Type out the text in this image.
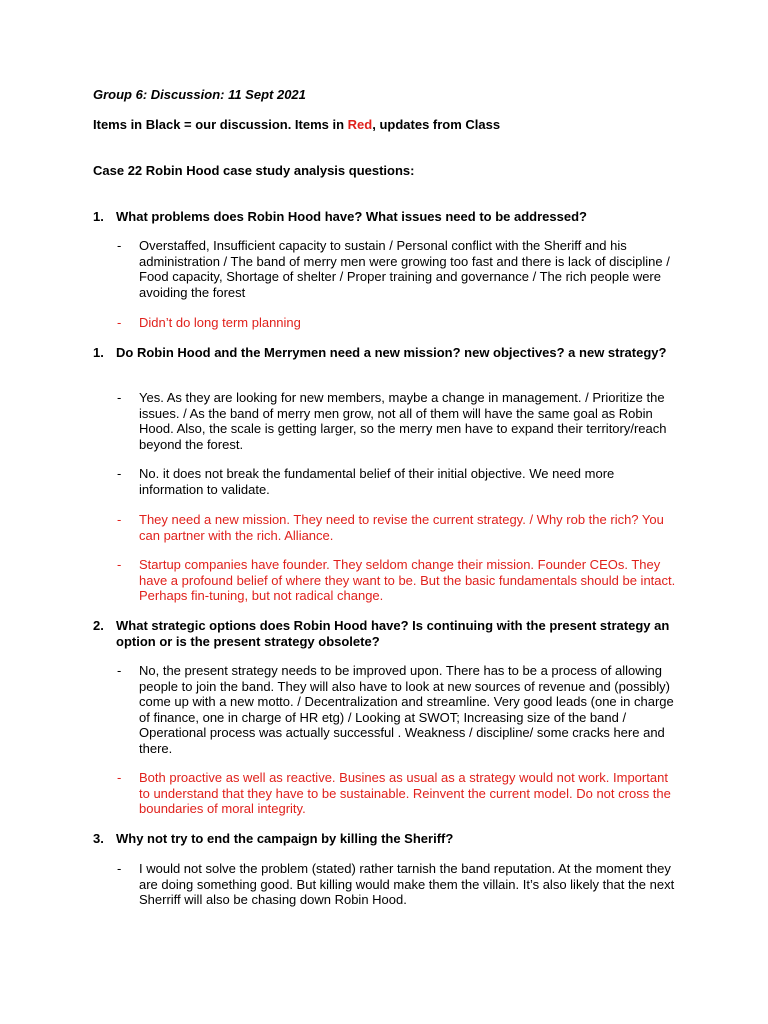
Group 6: Discussion: 11 Sept 2021

Items in Black = our discussion. Items in Red, updates from Class

Case 22 Robin Hood case study analysis questions:

1. What problems does Robin Hood have? What issues need to be addressed?
-	Overstaffed, Insufficient capacity to sustain / Personal conflict with the Sheriff and his administration / The band of merry men were growing too fast and there is lack of discipline / Food capacity, Shortage of shelter / Proper training and governance / The rich people were avoiding the forest
-	Didn’t do long term planning
1. Do Robin Hood and the Merrymen need a new mission? new objectives? a new strategy?
-	Yes. As they are looking for new members, maybe a change in management. / Prioritize the issues. / As the band of merry men grow, not all of them will have the same goal as Robin Hood. Also, the scale is getting larger, so the merry men have to expand their territory/reach beyond the forest.
-	No. it does not break the fundamental belief of their initial objective. We need more information to validate.
-	They need a new mission. They need to revise the current strategy. / Why rob the rich? You can partner with the rich. Alliance.
-	Startup companies have founder. They seldom change their mission. Founder CEOs. They have a profound belief of where they want to be. But the basic fundamentals should be intact. Perhaps fin-tuning, but not radical change.
2. What strategic options does Robin Hood have? Is continuing with the present strategy an option or is the present strategy obsolete?
-	No, the present strategy needs to be improved upon. There has to be a process of allowing people to join the band. They will also have to look at new sources of revenue and (possibly) come up with a new motto. / Decentralization and streamline. Very good leads (one in charge of finance, one in charge of HR etg) / Looking at SWOT; Increasing size of the band / Operational process was actually successful . Weakness / discipline/ some cracks here and there.
-	Both proactive as well as reactive. Busines as usual as a strategy would not work. Important to understand that they have to be sustainable. Reinvent the current model. Do not cross the boundaries of moral integrity.
3. Why not try to end the campaign by killing the Sheriff?
-	I would not solve the problem (stated) rather tarnish the band reputation. At the moment they are doing something good. But killing would make them the villain. It’s also likely that the next Sherriff will also be chasing down Robin Hood.
